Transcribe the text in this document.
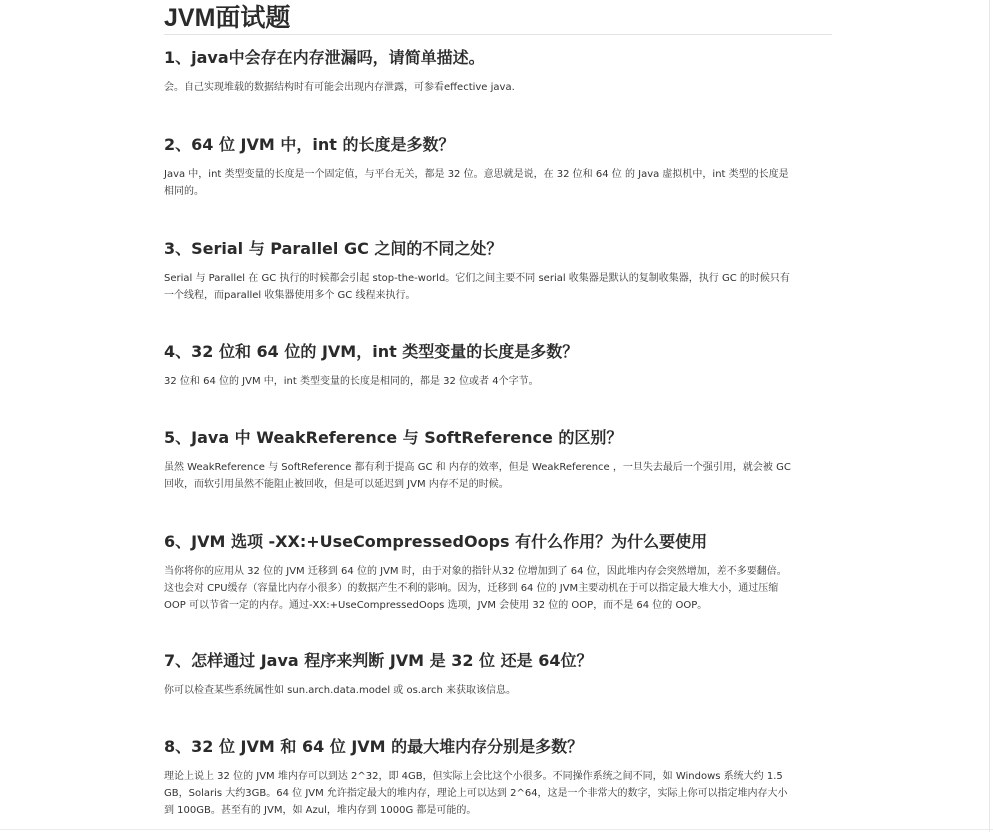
JVM面试题
1、java中会存在内存泄漏吗，请简单描述。

会。自己实现堆载的数据结构时有可能会出现内存泄露，可参看effective java.

2、64 位 JVM 中，int 的长度是多数？

Java 中，int 类型变量的长度是一个固定值，与平台无关，都是 32 位。意思就是说，在 32 位和 64 位 的 Java 虚拟机中，int 类型的长度是

相同的。

3、Serial 与 Parallel GC 之间的不同之处？

Serial 与 Parallel 在 GC 执行的时候都会引起 stop-the-world。它们之间主要不同 serial 收集器是默认的复制收集器，执行 GC 的时候只有

一个线程，而parallel 收集器使用多个 GC 线程来执行。

4、32 位和 64 位的 JVM，int 类型变量的长度是多数？

32 位和 64 位的 JVM 中，int 类型变量的长度是相同的，都是 32 位或者 4个字节。

5、Java 中 WeakReference 与 SoftReference 的区别？

虽然 WeakReference 与 SoftReference 都有利于提高 GC 和 内存的效率，但是 WeakReference ，一旦失去最后一个强引用，就会被 GC

回收，而软引用虽然不能阻止被回收，但是可以延迟到 JVM 内存不足的时候。

6、JVM 选项 -XX:+UseCompressedOops 有什么作用？为什么要使用

当你将你的应用从 32 位的 JVM 迁移到 64 位的 JVM 时，由于对象的指针从32 位增加到了 64 位，因此堆内存会突然增加，差不多要翻倍。

这也会对 CPU缓存（容量比内存小很多）的数据产生不利的影响。因为，迁移到 64 位的 JVM主要动机在于可以指定最大堆大小，通过压缩

OOP 可以节省一定的内存。通过-XX:+UseCompressedOops 选项，JVM 会使用 32 位的 OOP，而不是 64 位的 OOP。

7、怎样通过 Java 程序来判断 JVM 是 32 位 还是 64位？

你可以检查某些系统属性如 sun.arch.data.model 或 os.arch 来获取该信息。

8、32 位 JVM 和 64 位 JVM 的最大堆内存分别是多数？

理论上说上 32 位的 JVM 堆内存可以到达 2^32，即 4GB，但实际上会比这个小很多。不同操作系统之间不同，如 Windows 系统大约 1.5

GB，Solaris 大约3GB。64 位 JVM 允许指定最大的堆内存，理论上可以达到 2^64，这是一个非常大的数字，实际上你可以指定堆内存大小

到 100GB。甚至有的 JVM，如 Azul，堆内存到 1000G 都是可能的。
